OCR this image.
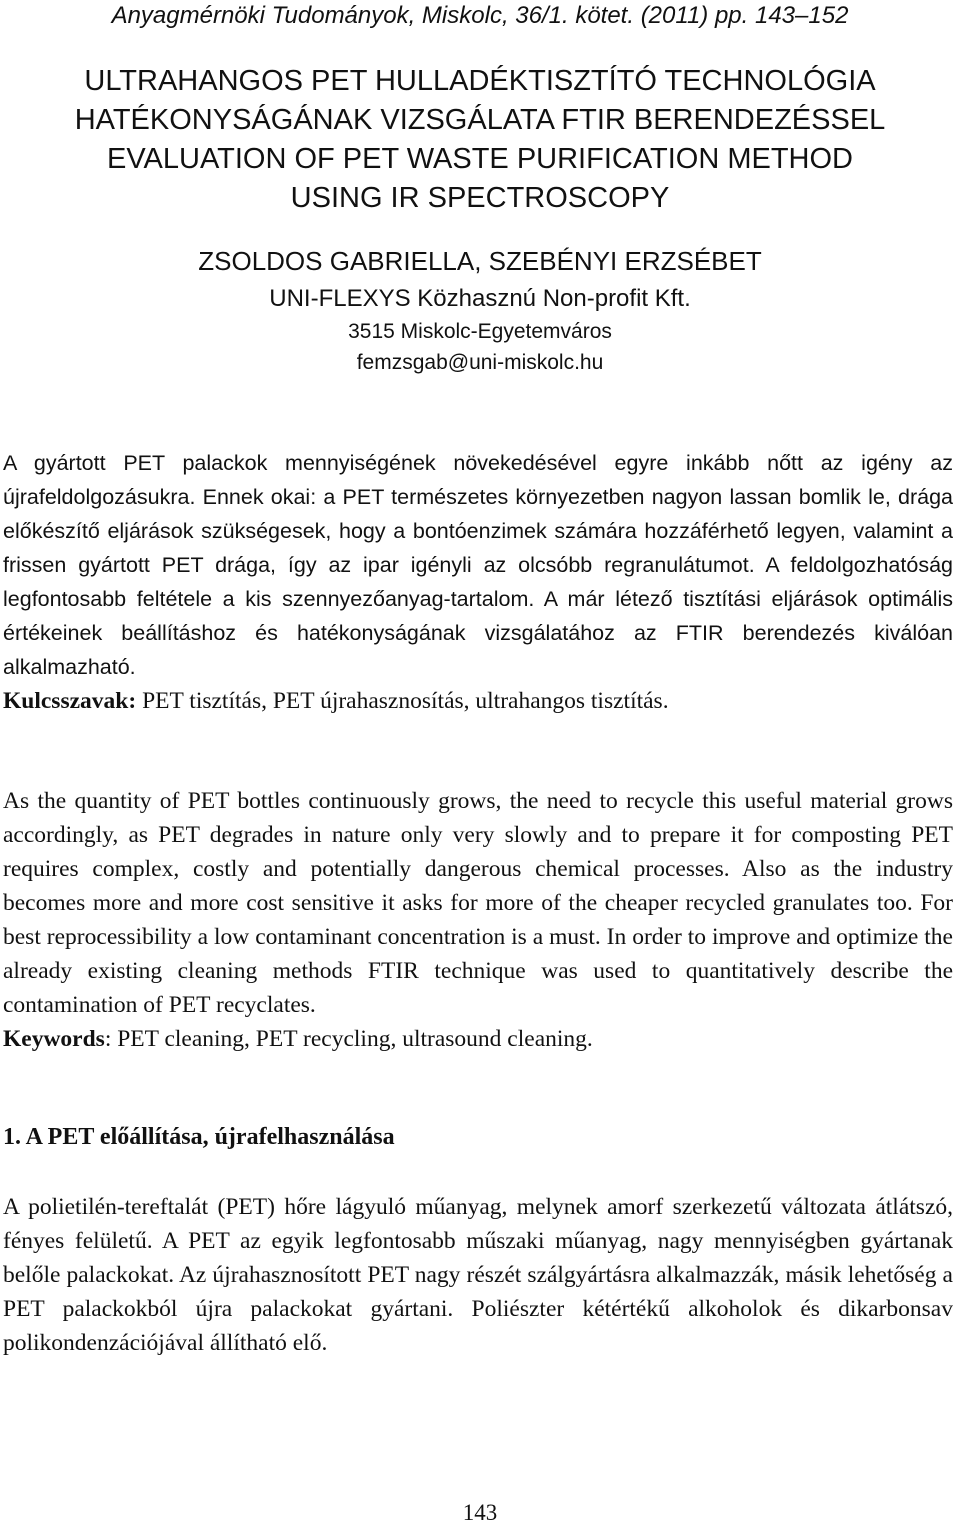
Anyagmérnöki Tudományok, Miskolc, 36/1. kötet. (2011) pp. 143–152
ULTRAHANGOS PET HULLADÉKTISZTÍTÓ TECHNOLÓGIA
HATÉKONYSÁGÁNAK VIZSGÁLATA FTIR BERENDEZÉSSEL
EVALUATION OF PET WASTE PURIFICATION METHOD
USING IR SPECTROSCOPY
ZSOLDOS GABRIELLA, SZEBÉNYI ERZSÉBET
UNI-FLEXYS Közhasznú Non-profit Kft.
3515 Miskolc-Egyetemváros
femzsgab@uni-miskolc.hu
A gyártott PET palackok mennyiségének növekedésével egyre inkább nőtt az igény az újrafeldolgozásukra. Ennek okai: a PET természetes környezetben nagyon lassan bomlik le, drága előkészítő eljárások szükségesek, hogy a bontóenzimek számára hozzáférhető legyen, valamint a frissen gyártott PET drága, így az ipar igényli az olcsóbb regranulátumot. A feldolgozhatóság legfontosabb feltétele a kis szennyezőanyag-tartalom. A már létező tisztítási eljárások optimális értékeinek beállításhoz és hatékonyságának vizsgálatához az FTIR berendezés kiválóan alkalmazható.
Kulcsszavak: PET tisztítás, PET újrahasznosítás, ultrahangos tisztítás.
As the quantity of PET bottles continuously grows, the need to recycle this useful material grows accordingly, as PET degrades in nature only very slowly and to prepare it for composting PET requires complex, costly and potentially dangerous chemical processes. Also as the industry becomes more and more cost sensitive it asks for more of the cheaper recycled granulates too. For best reprocessibility a low contaminant concentration is a must. In order to improve and optimize the already existing cleaning methods FTIR technique was used to quantitatively describe the contamination of PET recyclates.
Keywords: PET cleaning, PET recycling, ultrasound cleaning.
1. A PET előállítása, újrafelhasználása
A polietilén-tereftalát (PET) hőre lágyuló műanyag, melynek amorf szerkezetű változata átlátszó, fényes felületű. A PET az egyik legfontosabb műszaki műanyag, nagy mennyiségben gyártanak belőle palackokat. Az újrahasznosított PET nagy részét szálgyártásra alkalmazzák, másik lehetőség a PET palackokból újra palackokat gyártani. Poliészter kétértékű alkoholok és dikarbonsav polikondenzációjával állítható elő.
143
